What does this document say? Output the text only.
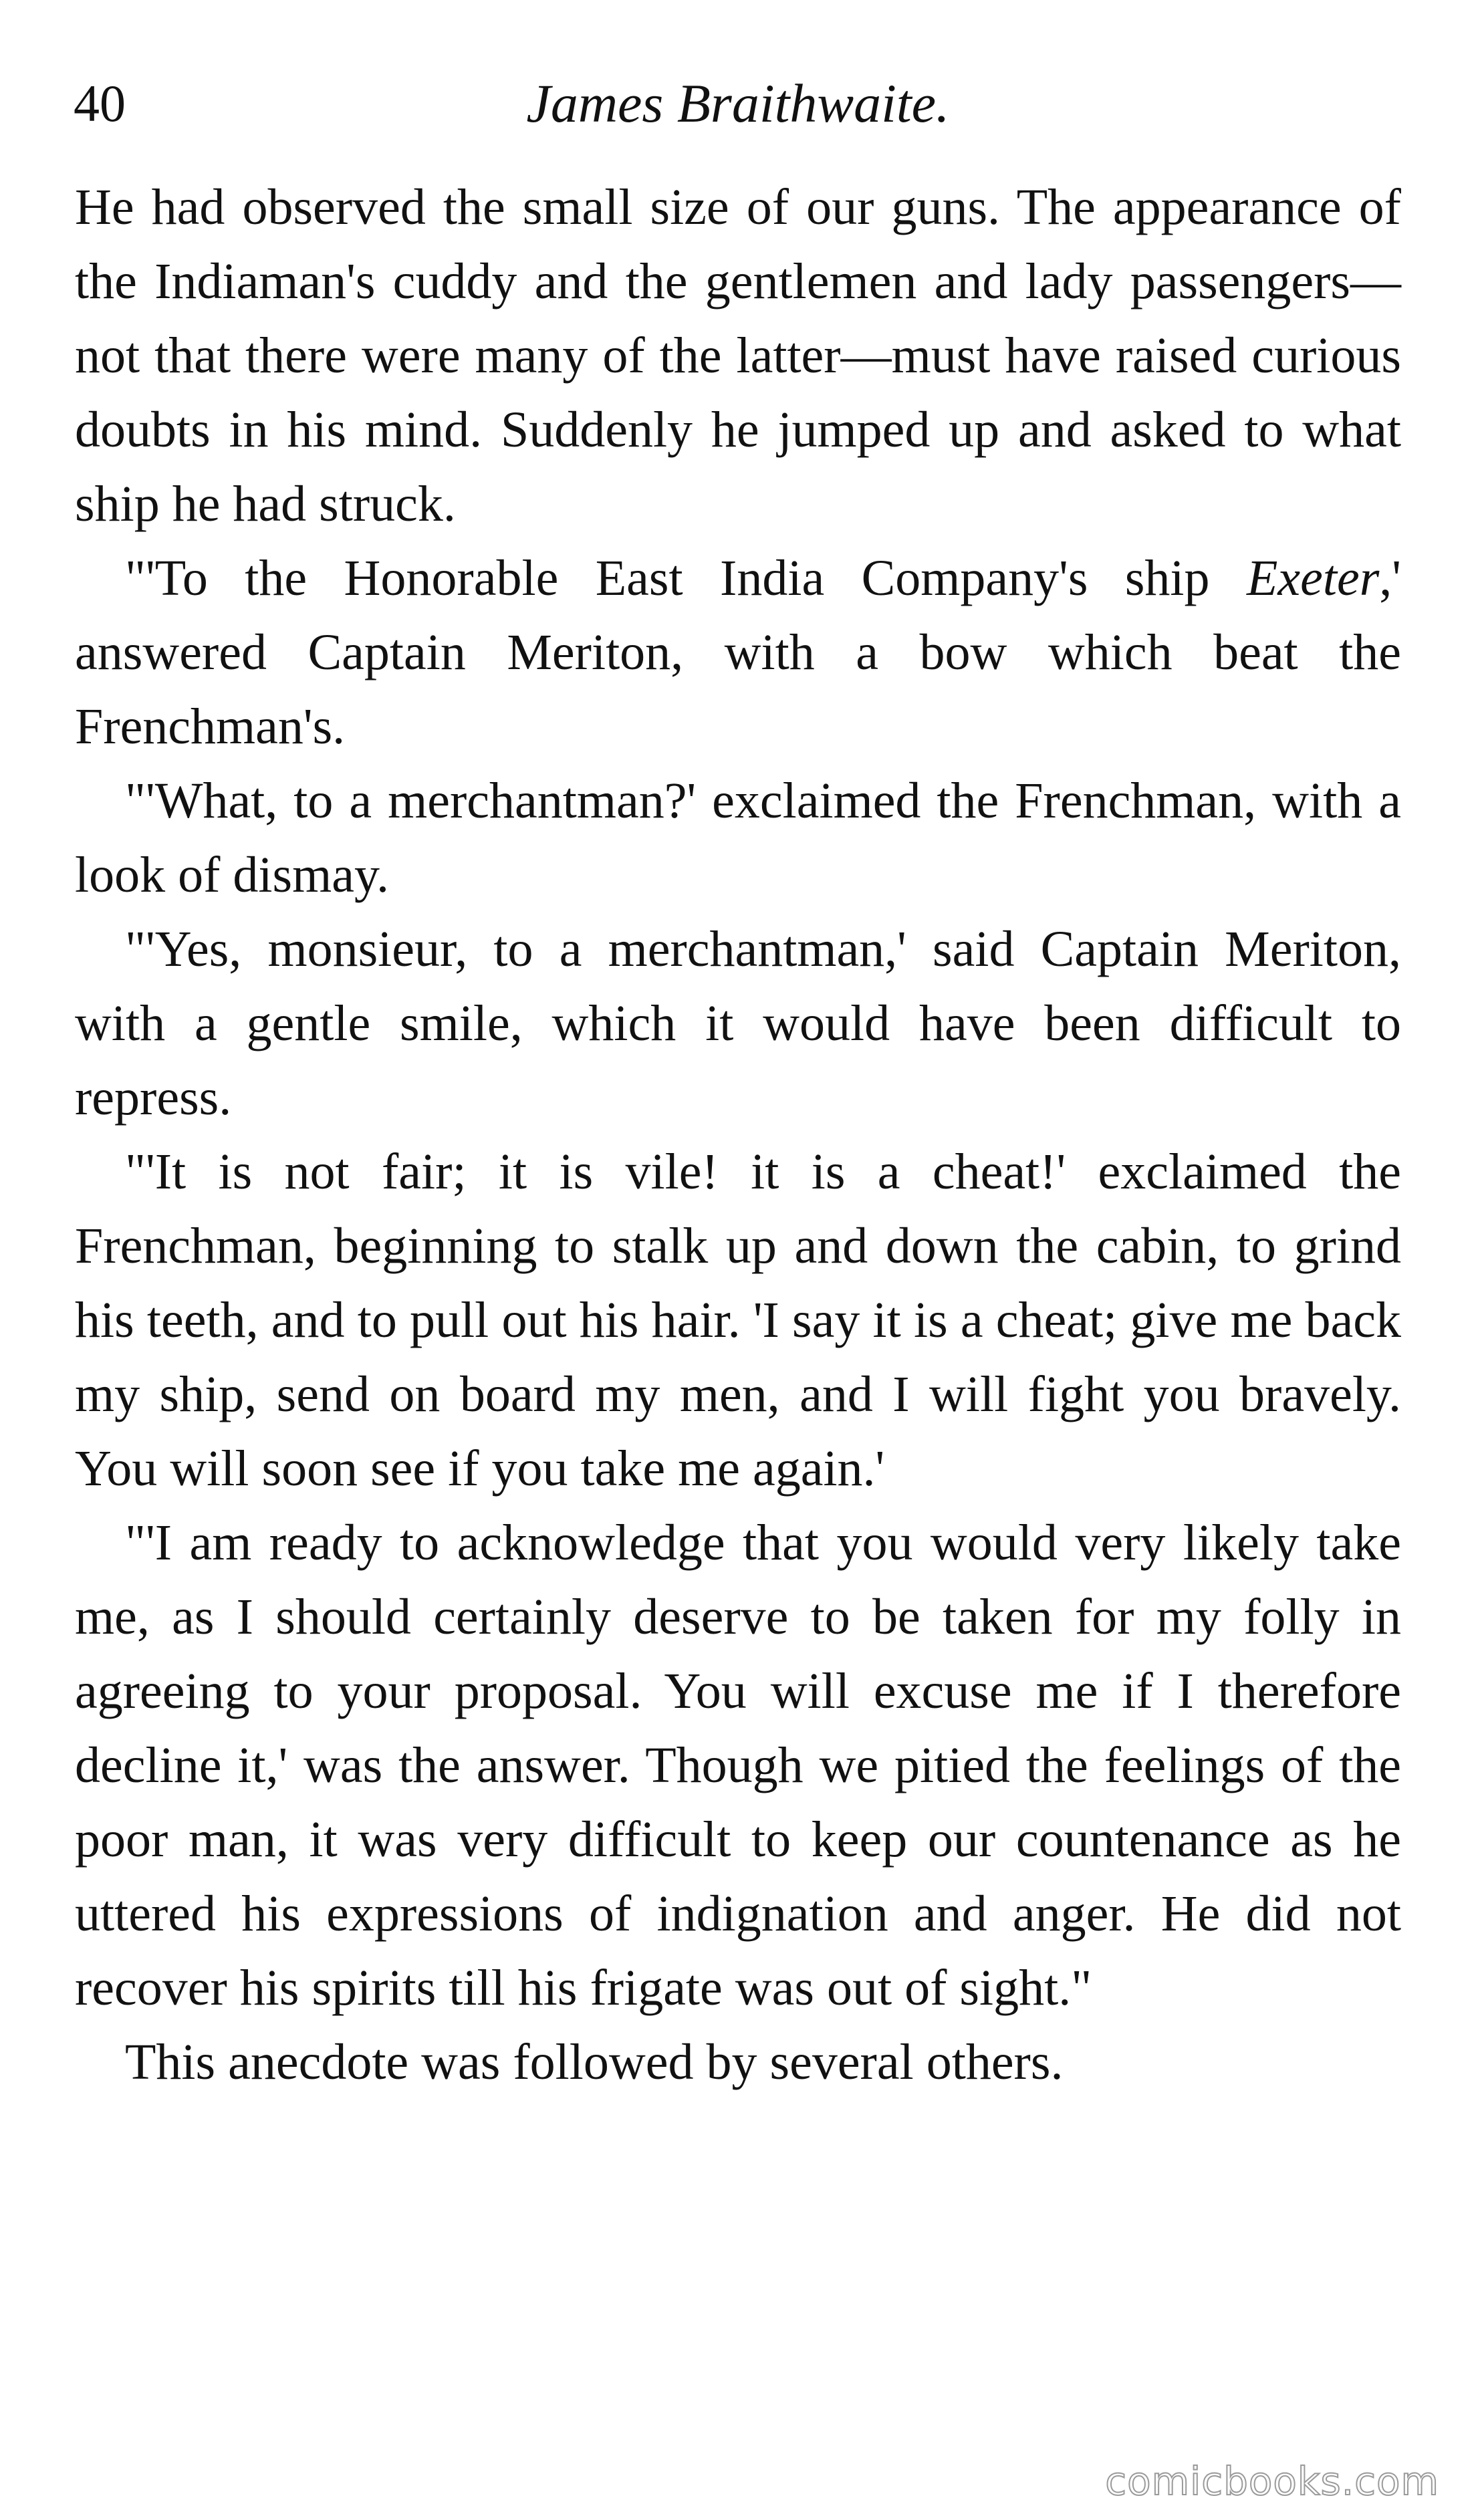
40	James Braithwaite.

He had observed the small size of our guns. The appearance of the Indiaman's cuddy and the gentlemen and lady passengers—not that there were many of the latter—must have raised curious doubts in his mind. Suddenly he jumped up and asked to what ship he had struck.

"'To the Honorable East India Company's ship Exeter,' answered Captain Meriton, with a bow which beat the Frenchman's.

"'What, to a merchantman?' exclaimed the Frenchman, with a look of dismay.

"'Yes, monsieur, to a merchantman,' said Captain Meriton, with a gentle smile, which it would have been difficult to repress.

"'It is not fair; it is vile! it is a cheat!' exclaimed the Frenchman, beginning to stalk up and down the cabin, to grind his teeth, and to pull out his hair. 'I say it is a cheat; give me back my ship, send on board my men, and I will fight you bravely. You will soon see if you take me again.'

"'I am ready to acknowledge that you would very likely take me, as I should certainly deserve to be taken for my folly in agreeing to your proposal. You will excuse me if I therefore decline it,' was the answer. Though we pitied the feelings of the poor man, it was very difficult to keep our countenance as he uttered his expressions of indignation and anger. He did not recover his spirits till his frigate was out of sight."

This anecdote was followed by several others.

comicbooks.com
